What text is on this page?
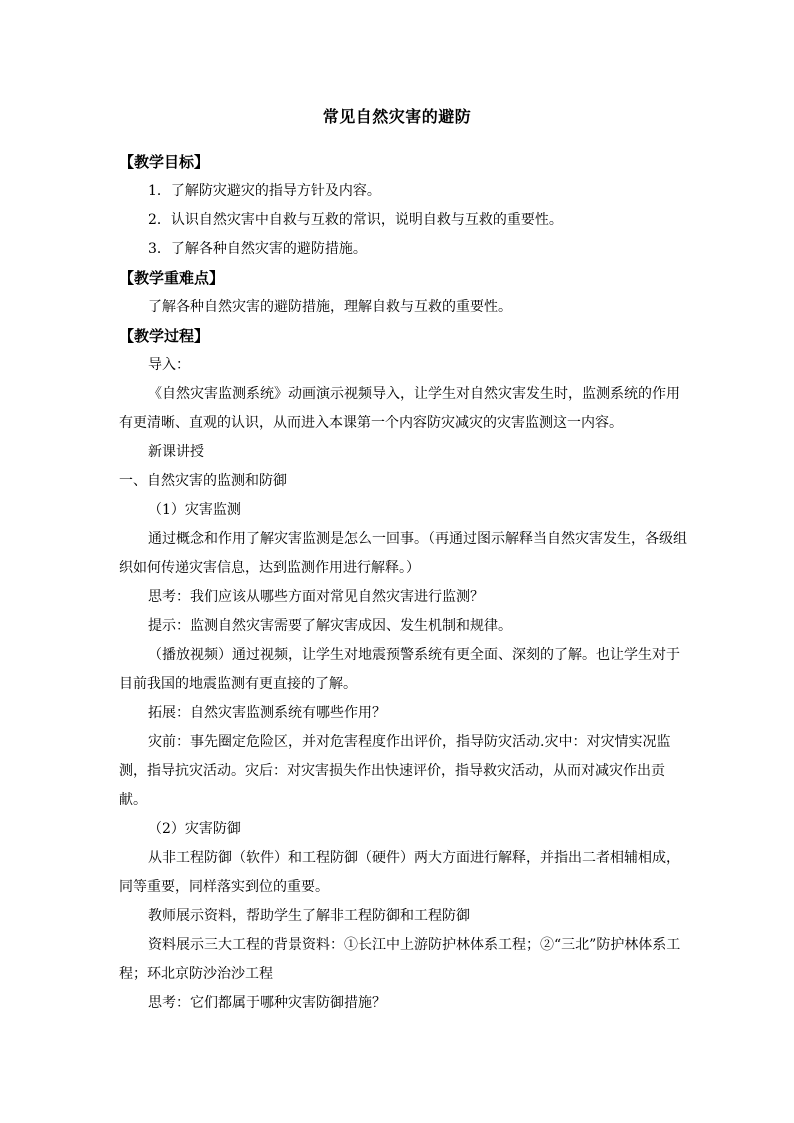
常见自然灾害的避防
【教学目标】
1．了解防灾避灾的指导方针及内容。
2．认识自然灾害中自救与互救的常识，说明自救与互救的重要性。
3．了解各种自然灾害的避防措施。
【教学重难点】
了解各种自然灾害的避防措施，理解自救与互救的重要性。
【教学过程】
导入：
《自然灾害监测系统》动画演示视频导入，让学生对自然灾害发生时，监测系统的作用有更清晰、直观的认识，从而进入本课第一个内容防灾减灾的灾害监测这一内容。
新课讲授
一、自然灾害的监测和防御
（1）灾害监测
通过概念和作用了解灾害监测是怎么一回事。（再通过图示解释当自然灾害发生，各级组织如何传递灾害信息，达到监测作用进行解释。）
思考：我们应该从哪些方面对常见自然灾害进行监测？
提示：监测自然灾害需要了解灾害成因、发生机制和规律。
（播放视频）通过视频，让学生对地震预警系统有更全面、深刻的了解。也让学生对于目前我国的地震监测有更直接的了解。
拓展：自然灾害监测系统有哪些作用？
灾前：事先圈定危险区，并对危害程度作出评价，指导防灾活动.灾中：对灾情实况监测，指导抗灾活动。灾后：对灾害损失作出快速评价，指导救灾活动，从而对减灾作出贡献。
（2）灾害防御
从非工程防御（软件）和工程防御（硬件）两大方面进行解释，并指出二者相辅相成，同等重要，同样落实到位的重要。
教师展示资料，帮助学生了解非工程防御和工程防御
资料展示三大工程的背景资料：①长江中上游防护林体系工程；②“三北”防护林体系工程；环北京防沙治沙工程
思考：它们都属于哪种灾害防御措施？
